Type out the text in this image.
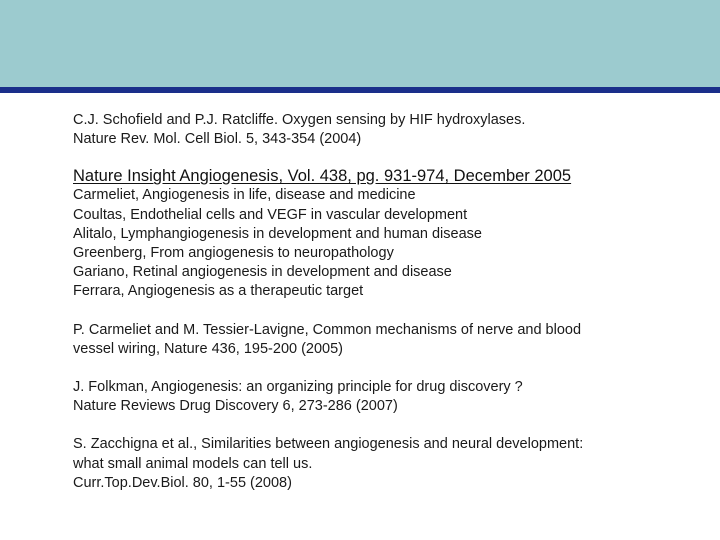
C.J. Schofield and P.J. Ratcliffe. Oxygen sensing by HIF hydroxylases.
Nature Rev. Mol. Cell Biol. 5, 343-354 (2004)
Nature Insight Angiogenesis, Vol. 438, pg. 931-974, December 2005
Carmeliet, Angiogenesis in life, disease and medicine
Coultas, Endothelial cells and VEGF in vascular development
Alitalo, Lymphangiogenesis in development and human disease
Greenberg, From angiogenesis to neuropathology
Gariano, Retinal angiogenesis in development and disease
Ferrara, Angiogenesis as a therapeutic target
P. Carmeliet and M. Tessier-Lavigne, Common mechanisms of nerve and blood
vessel wiring, Nature 436, 195-200 (2005)
J. Folkman, Angiogenesis: an organizing principle for drug discovery ?
Nature Reviews Drug Discovery 6, 273-286 (2007)
S. Zacchigna et al., Similarities between angiogenesis and neural development:
what small animal models can tell us.
Curr.Top.Dev.Biol. 80, 1-55 (2008)
